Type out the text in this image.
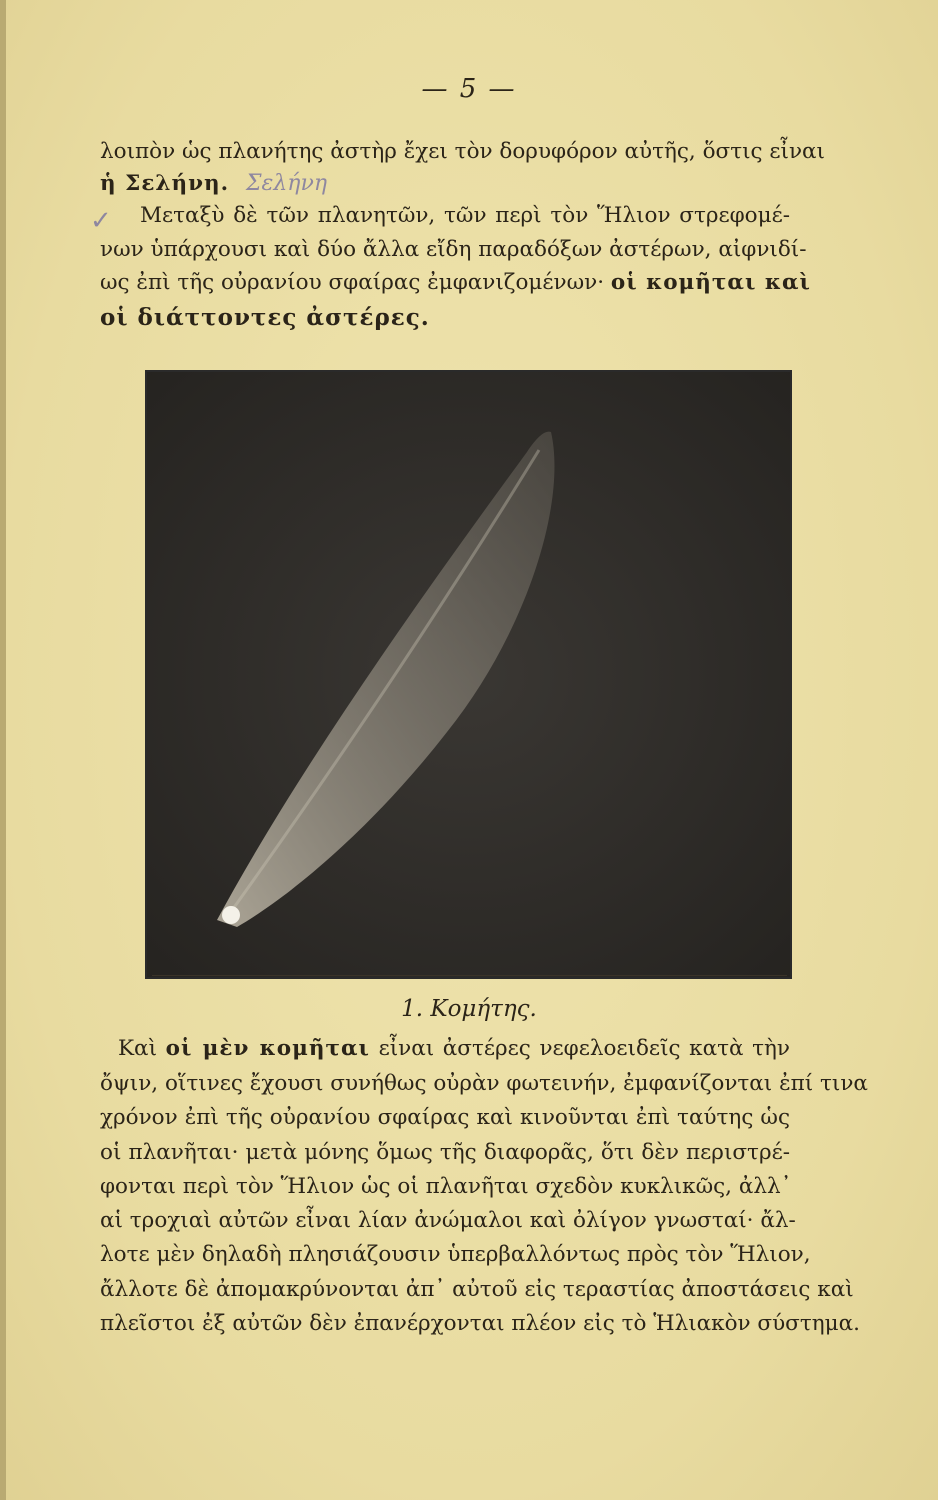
— 5 —
λοιπὸν ὡς πλανήτης ἀστὴρ ἔχει τὸν δορυφόρον αὐτῆς, ὅστις εἶναι
ἡ Σελήνη. Σελήνη
✓ Μεταξὺ δὲ τῶν πλανητῶν, τῶν περὶ τὸν Ἥλιον στρεφομέ-
νων ὑπάρχουσι καὶ δύο ἄλλα εἴδη παραδόξων ἀστέρων, αἰφνιδί-
ως ἐπὶ τῆς οὐρανίου σφαίρας ἐμφανιζομένων· οἱ κομῆται καὶ
οἱ διάττοντες ἀστέρες.
1. Κομήτης.
Καὶ οἱ μὲν κομῆται εἶναι ἀστέρες νεφελοειδεῖς κατὰ τὴν
ὄψιν, οἵτινες ἔχουσι συνήθως οὐρὰν φωτεινήν, ἐμφανίζονται ἐπί τινα
χρόνον ἐπὶ τῆς οὐρανίου σφαίρας καὶ κινοῦνται ἐπὶ ταύτης ὡς
οἱ πλανῆται· μετὰ μόνης ὅμως τῆς διαφορᾶς, ὅτι δὲν περιστρέ-
φονται περὶ τὸν Ἥλιον ὡς οἱ πλανῆται σχεδὸν κυκλικῶς, ἀλλ᾽
αἱ τροχιαὶ αὐτῶν εἶναι λίαν ἀνώμαλοι καὶ ὀλίγον γνωσταί· ἄλ-
λοτε μὲν δηλαδὴ πλησιάζουσιν ὑπερβαλλόντως πρὸς τὸν Ἥλιον,
ἄλλοτε δὲ ἀπομακρύνονται ἀπ᾽ αὐτοῦ εἰς τεραστίας ἀποστάσεις καὶ
πλεῖστοι ἐξ αὐτῶν δὲν ἐπανέρχονται πλέον εἰς τὸ Ἡλιακὸν σύστημα.
